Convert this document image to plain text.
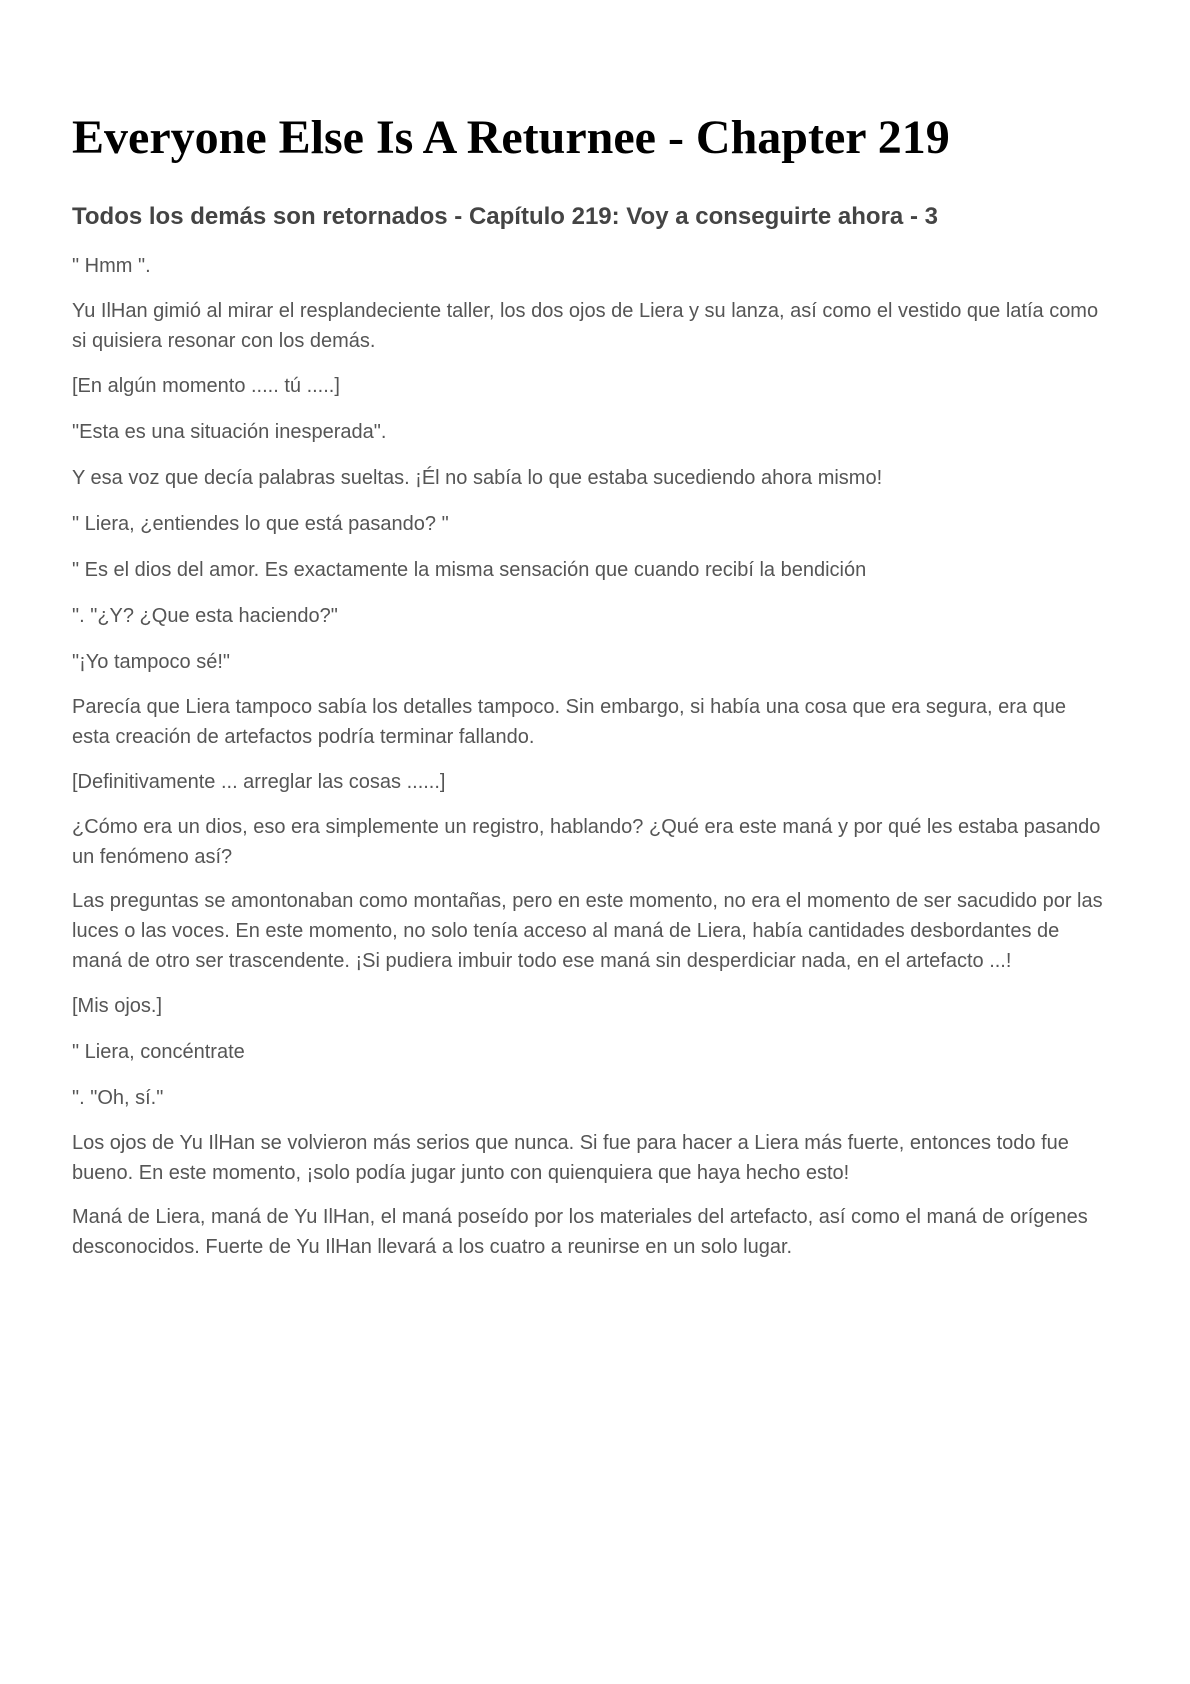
Everyone Else Is A Returnee - Chapter 219
Todos los demás son retornados - Capítulo 219: Voy a conseguirte ahora - 3

" Hmm ".

Yu IlHan gimió al mirar el resplandeciente taller, los dos ojos de Liera y su lanza, así como el vestido que latía como si quisiera resonar con los demás.

[En algún momento ..... tú .....]

"Esta es una situación inesperada".

Y esa voz que decía palabras sueltas. ¡Él no sabía lo que estaba sucediendo ahora mismo!

" Liera, ¿entiendes lo que está pasando? "

" Es el dios del amor. Es exactamente la misma sensación que cuando recibí la bendición

". "¿Y? ¿Que esta haciendo?"

"¡Yo tampoco sé!"

Parecía que Liera tampoco sabía los detalles tampoco. Sin embargo, si había una cosa que era segura, era que esta creación de artefactos podría terminar fallando.

[Definitivamente ... arreglar las cosas ......]

¿Cómo era un dios, eso era simplemente un registro, hablando? ¿Qué era este maná y por qué les estaba pasando un fenómeno así?

Las preguntas se amontonaban como montañas, pero en este momento, no era el momento de ser sacudido por las luces o las voces. En este momento, no solo tenía acceso al maná de Liera, había cantidades desbordantes de maná de otro ser trascendente. ¡Si pudiera imbuir todo ese maná sin desperdiciar nada, en el artefacto ...!

[Mis ojos.]

" Liera, concéntrate

". "Oh, sí."

Los ojos de Yu IlHan se volvieron más serios que nunca. Si fue para hacer a Liera más fuerte, entonces todo fue bueno. En este momento, ¡solo podía jugar junto con quienquiera que haya hecho esto!

Maná de Liera, maná de Yu IlHan, el maná poseído por los materiales del artefacto, así como el maná de orígenes desconocidos. Fuerte de Yu IlHan llevará a los cuatro a reunirse en un solo lugar.
